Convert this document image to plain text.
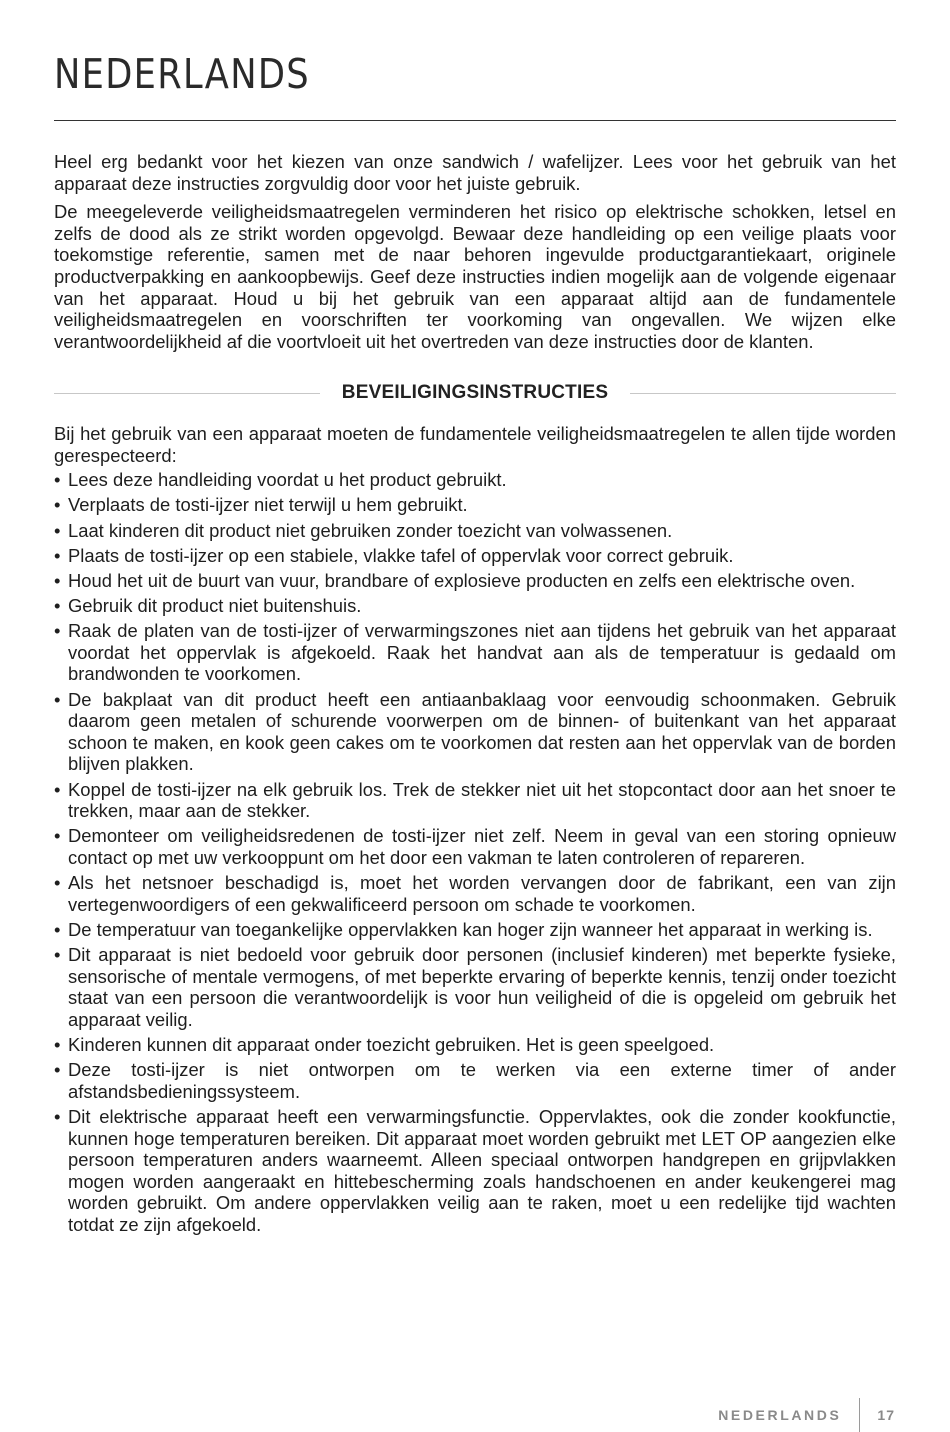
NEDERLANDS

Heel erg bedankt voor het kiezen van onze sandwich / wafelijzer. Lees voor het gebruik van het apparaat deze instructies zorgvuldig door voor het juiste gebruik.

De meegeleverde veiligheidsmaatregelen verminderen het risico op elektrische schokken, letsel en zelfs de dood als ze strikt worden opgevolgd. Bewaar deze handleiding op een veilige plaats voor toekomstige referentie, samen met de naar behoren ingevulde productgarantiekaart, originele productverpakking en aankoopbewijs. Geef deze instructies indien mogelijk aan de volgende eigenaar van het apparaat. Houd u bij het gebruik van een apparaat altijd aan de fundamentele veiligheidsmaatregelen en voorschriften ter voorkoming van ongevallen. We wijzen elke verantwoordelijkheid af die voortvloeit uit het overtreden van deze instructies door de klanten.

BEVEILIGINGSINSTRUCTIES

Bij het gebruik van een apparaat moeten de fundamentele veiligheidsmaatregelen te allen tijde worden gerespecteerd:

• Lees deze handleiding voordat u het product gebruikt.
• Verplaats de tosti-ijzer niet terwijl u hem gebruikt.
• Laat kinderen dit product niet gebruiken zonder toezicht van volwassenen.
• Plaats de tosti-ijzer op een stabiele, vlakke tafel of oppervlak voor correct gebruik.
• Houd het uit de buurt van vuur, brandbare of explosieve producten en zelfs een elektrische oven.
• Gebruik dit product niet buitenshuis.
• Raak de platen van de tosti-ijzer of verwarmingszones niet aan tijdens het gebruik van het apparaat voordat het oppervlak is afgekoeld. Raak het handvat aan als de temperatuur is gedaald om brandwonden te voorkomen.
• De bakplaat van dit product heeft een antiaanbaklaag voor eenvoudig schoonmaken. Gebruik daarom geen metalen of schurende voorwerpen om de binnen- of buitenkant van het apparaat schoon te maken, en kook geen cakes om te voorkomen dat resten aan het oppervlak van de borden blijven plakken.
• Koppel de tosti-ijzer na elk gebruik los. Trek de stekker niet uit het stopcontact door aan het snoer te trekken, maar aan de stekker.
• Demonteer om veiligheidsredenen de tosti-ijzer niet zelf. Neem in geval van een storing opnieuw contact op met uw verkooppunt om het door een vakman te laten controleren of repareren.
• Als het netsnoer beschadigd is, moet het worden vervangen door de fabrikant, een van zijn vertegenwoordigers of een gekwalificeerd persoon om schade te voorkomen.
• De temperatuur van toegankelijke oppervlakken kan hoger zijn wanneer het apparaat in werking is.
• Dit apparaat is niet bedoeld voor gebruik door personen (inclusief kinderen) met beperkte fysieke, sensorische of mentale vermogens, of met beperkte ervaring of beperkte kennis, tenzij onder toezicht staat van een persoon die verantwoordelijk is voor hun veiligheid of die is opgeleid om gebruik het apparaat veilig.
• Kinderen kunnen dit apparaat onder toezicht gebruiken. Het is geen speelgoed.
• Deze tosti-ijzer is niet ontworpen om te werken via een externe timer of ander afstandsbedieningssysteem.
• Dit elektrische apparaat heeft een verwarmingsfunctie. Oppervlaktes, ook die zonder kookfunctie, kunnen hoge temperaturen bereiken. Dit apparaat moet worden gebruikt met LET OP aangezien elke persoon temperaturen anders waarneemt. Alleen speciaal ontworpen handgrepen en grijpvlakken mogen worden aangeraakt en hittebescherming zoals handschoenen en ander keukengerei mag worden gebruikt. Om andere oppervlakken veilig aan te raken, moet u een redelijke tijd wachten totdat ze zijn afgekoeld.
NEDERLANDS	17
